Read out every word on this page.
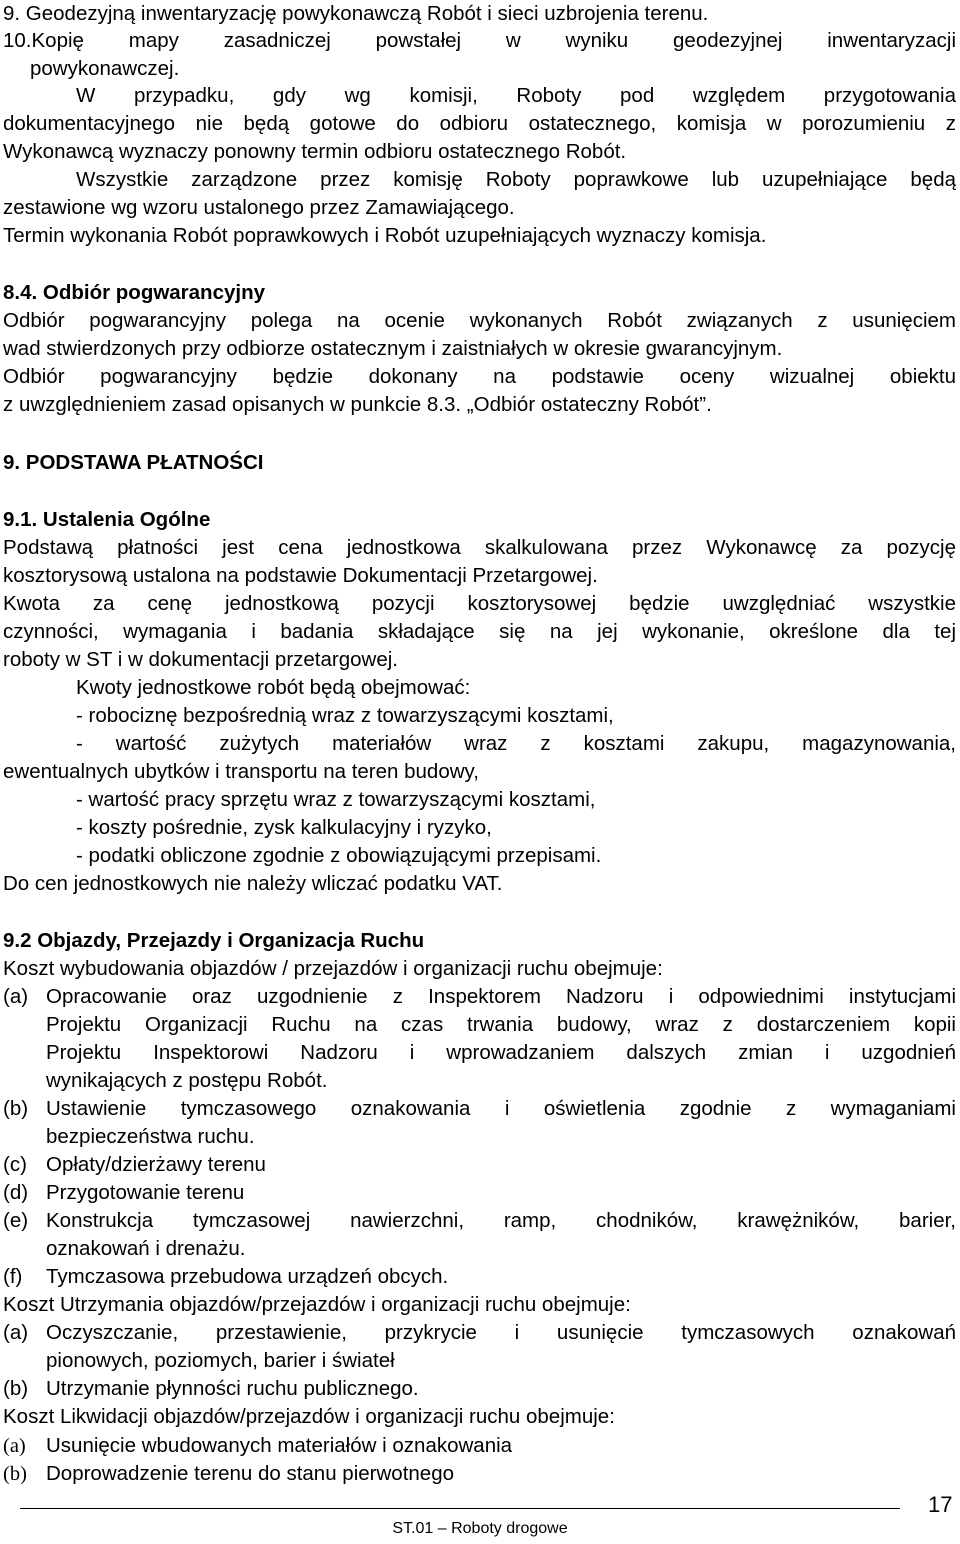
9. Geodezyjną inwentaryzację powykonawczą Robót i sieci uzbrojenia terenu.
10.Kopię mapy zasadniczej powstałej w wyniku geodezyjnej inwentaryzacji
powykonawczej.
W przypadku, gdy wg komisji, Roboty pod względem przygotowania
dokumentacyjnego nie będą gotowe do odbioru ostatecznego, komisja w porozumieniu z
Wykonawcą wyznaczy ponowny termin odbioru ostatecznego Robót.
Wszystkie zarządzone przez komisję Roboty poprawkowe lub uzupełniające będą
zestawione wg wzoru ustalonego przez Zamawiającego.
Termin wykonania Robót poprawkowych i Robót uzupełniających wyznaczy komisja.
8.4. Odbiór pogwarancyjny
Odbiór pogwarancyjny polega na ocenie wykonanych Robót związanych z usunięciem
wad stwierdzonych przy odbiorze ostatecznym i zaistniałych w okresie gwarancyjnym.
Odbiór pogwarancyjny będzie dokonany na podstawie oceny wizualnej obiektu
z uwzględnieniem zasad opisanych w punkcie 8.3. „Odbiór ostateczny Robót”.
9. PODSTAWA PŁATNOŚCI
9.1. Ustalenia Ogólne
Podstawą płatności jest cena jednostkowa skalkulowana przez Wykonawcę za pozycję
kosztorysową ustalona na podstawie Dokumentacji Przetargowej.
Kwota za cenę jednostkową pozycji kosztorysowej będzie uwzględniać wszystkie
czynności, wymagania i badania składające się na jej wykonanie, określone dla tej
roboty w ST i w dokumentacji przetargowej.
Kwoty jednostkowe robót będą obejmować:
- robociznę bezpośrednią wraz z towarzyszącymi kosztami,
- wartość zużytych materiałów wraz z kosztami zakupu, magazynowania,
ewentualnych ubytków i transportu na teren budowy,
- wartość pracy sprzętu wraz z towarzyszącymi kosztami,
- koszty pośrednie, zysk kalkulacyjny i ryzyko,
- podatki obliczone zgodnie z obowiązującymi przepisami.
Do cen jednostkowych nie należy wliczać podatku VAT.
9.2 Objazdy, Przejazdy i Organizacja Ruchu
Koszt wybudowania objazdów / przejazdów i organizacji ruchu obejmuje:
(a) Opracowanie oraz uzgodnienie z Inspektorem Nadzoru i odpowiednimi instytucjami
Projektu Organizacji Ruchu na czas trwania budowy, wraz z dostarczeniem kopii
Projektu Inspektorowi Nadzoru i wprowadzaniem dalszych zmian i uzgodnień
wynikających z postępu Robót.
(b) Ustawienie tymczasowego oznakowania i oświetlenia zgodnie z wymaganiami
bezpieczeństwa ruchu.
(c) Opłaty/dzierżawy terenu
(d) Przygotowanie terenu
(e) Konstrukcja tymczasowej nawierzchni, ramp, chodników, krawężników, barier,
oznakowań i drenażu.
(f) Tymczasowa przebudowa urządzeń obcych.
Koszt Utrzymania objazdów/przejazdów i organizacji ruchu obejmuje:
(a) Oczyszczanie, przestawienie, przykrycie i usunięcie tymczasowych oznakowań
pionowych, poziomych, barier i świateł
(b) Utrzymanie płynności ruchu publicznego.
Koszt Likwidacji objazdów/przejazdów i organizacji ruchu obejmuje:
(a) Usunięcie wbudowanych materiałów i oznakowania
(b) Doprowadzenie terenu do stanu pierwotnego
17
ST.01 – Roboty drogowe
